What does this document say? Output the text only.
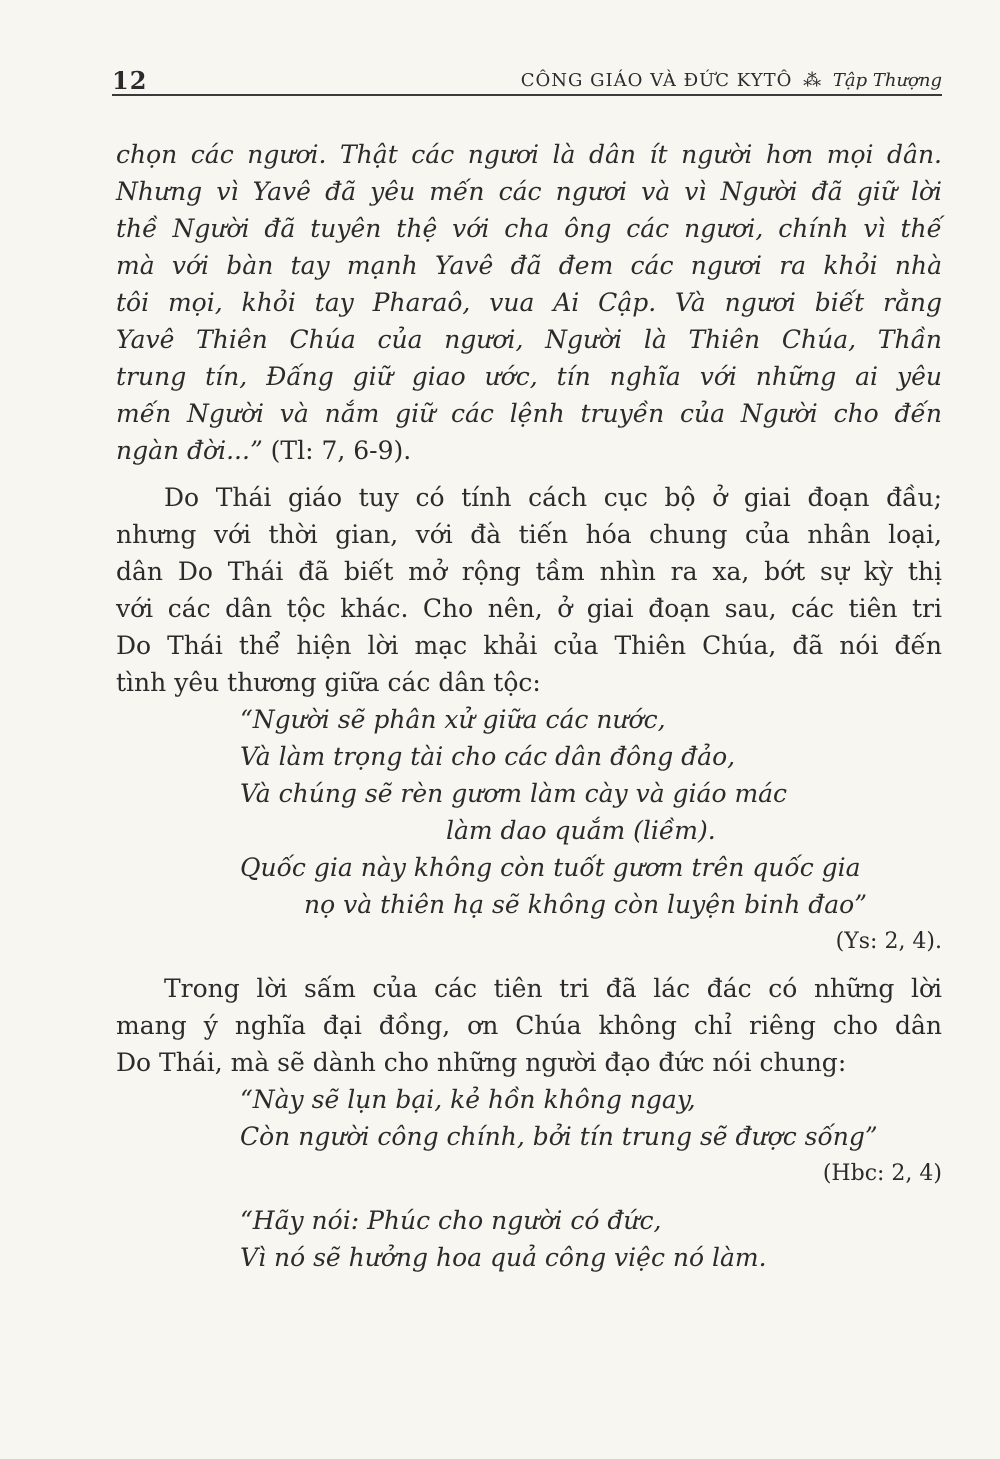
12	CÔNG GIÁO VÀ ĐỨC KYTÔ ⁂ Tập Thượng
chọn các ngươi. Thật các ngươi là dân ít người hơn mọi dân.
Nhưng vì Yavê đã yêu mến các ngươi và vì Người đã giữ lời
thề Người đã tuyên thệ với cha ông các ngươi, chính vì thế
mà với bàn tay mạnh Yavê đã đem các ngươi ra khỏi nhà
tôi mọi, khỏi tay Pharaô, vua Ai Cập. Và ngươi biết rằng
Yavê Thiên Chúa của ngươi, Người là Thiên Chúa, Thần
trung tín, Đấng giữ giao ước, tín nghĩa với những ai yêu
mến Người và nắm giữ các lệnh truyền của Người cho đến
ngàn đời...” (Tl: 7, 6-9).
Do Thái giáo tuy có tính cách cục bộ ở giai đoạn đầu;
nhưng với thời gian, với đà tiến hóa chung của nhân loại,
dân Do Thái đã biết mở rộng tầm nhìn ra xa, bớt sự kỳ thị
với các dân tộc khác. Cho nên, ở giai đoạn sau, các tiên tri
Do Thái thể hiện lời mạc khải của Thiên Chúa, đã nói đến
tình yêu thương giữa các dân tộc:
“Người sẽ phân xử giữa các nước,
Và làm trọng tài cho các dân đông đảo,
Và chúng sẽ rèn gươm làm cày và giáo mác
làm dao quắm (liềm).
Quốc gia này không còn tuốt gươm trên quốc gia
nọ và thiên hạ sẽ không còn luyện binh đao”
(Ys: 2, 4).
Trong lời sấm của các tiên tri đã lác đác có những lời
mang ý nghĩa đại đồng, ơn Chúa không chỉ riêng cho dân
Do Thái, mà sẽ dành cho những người đạo đức nói chung:
“Này sẽ lụn bại, kẻ hồn không ngay,
Còn người công chính, bởi tín trung sẽ được sống”
(Hbc: 2, 4)
“Hãy nói: Phúc cho người có đức,
Vì nó sẽ hưởng hoa quả công việc nó làm.
